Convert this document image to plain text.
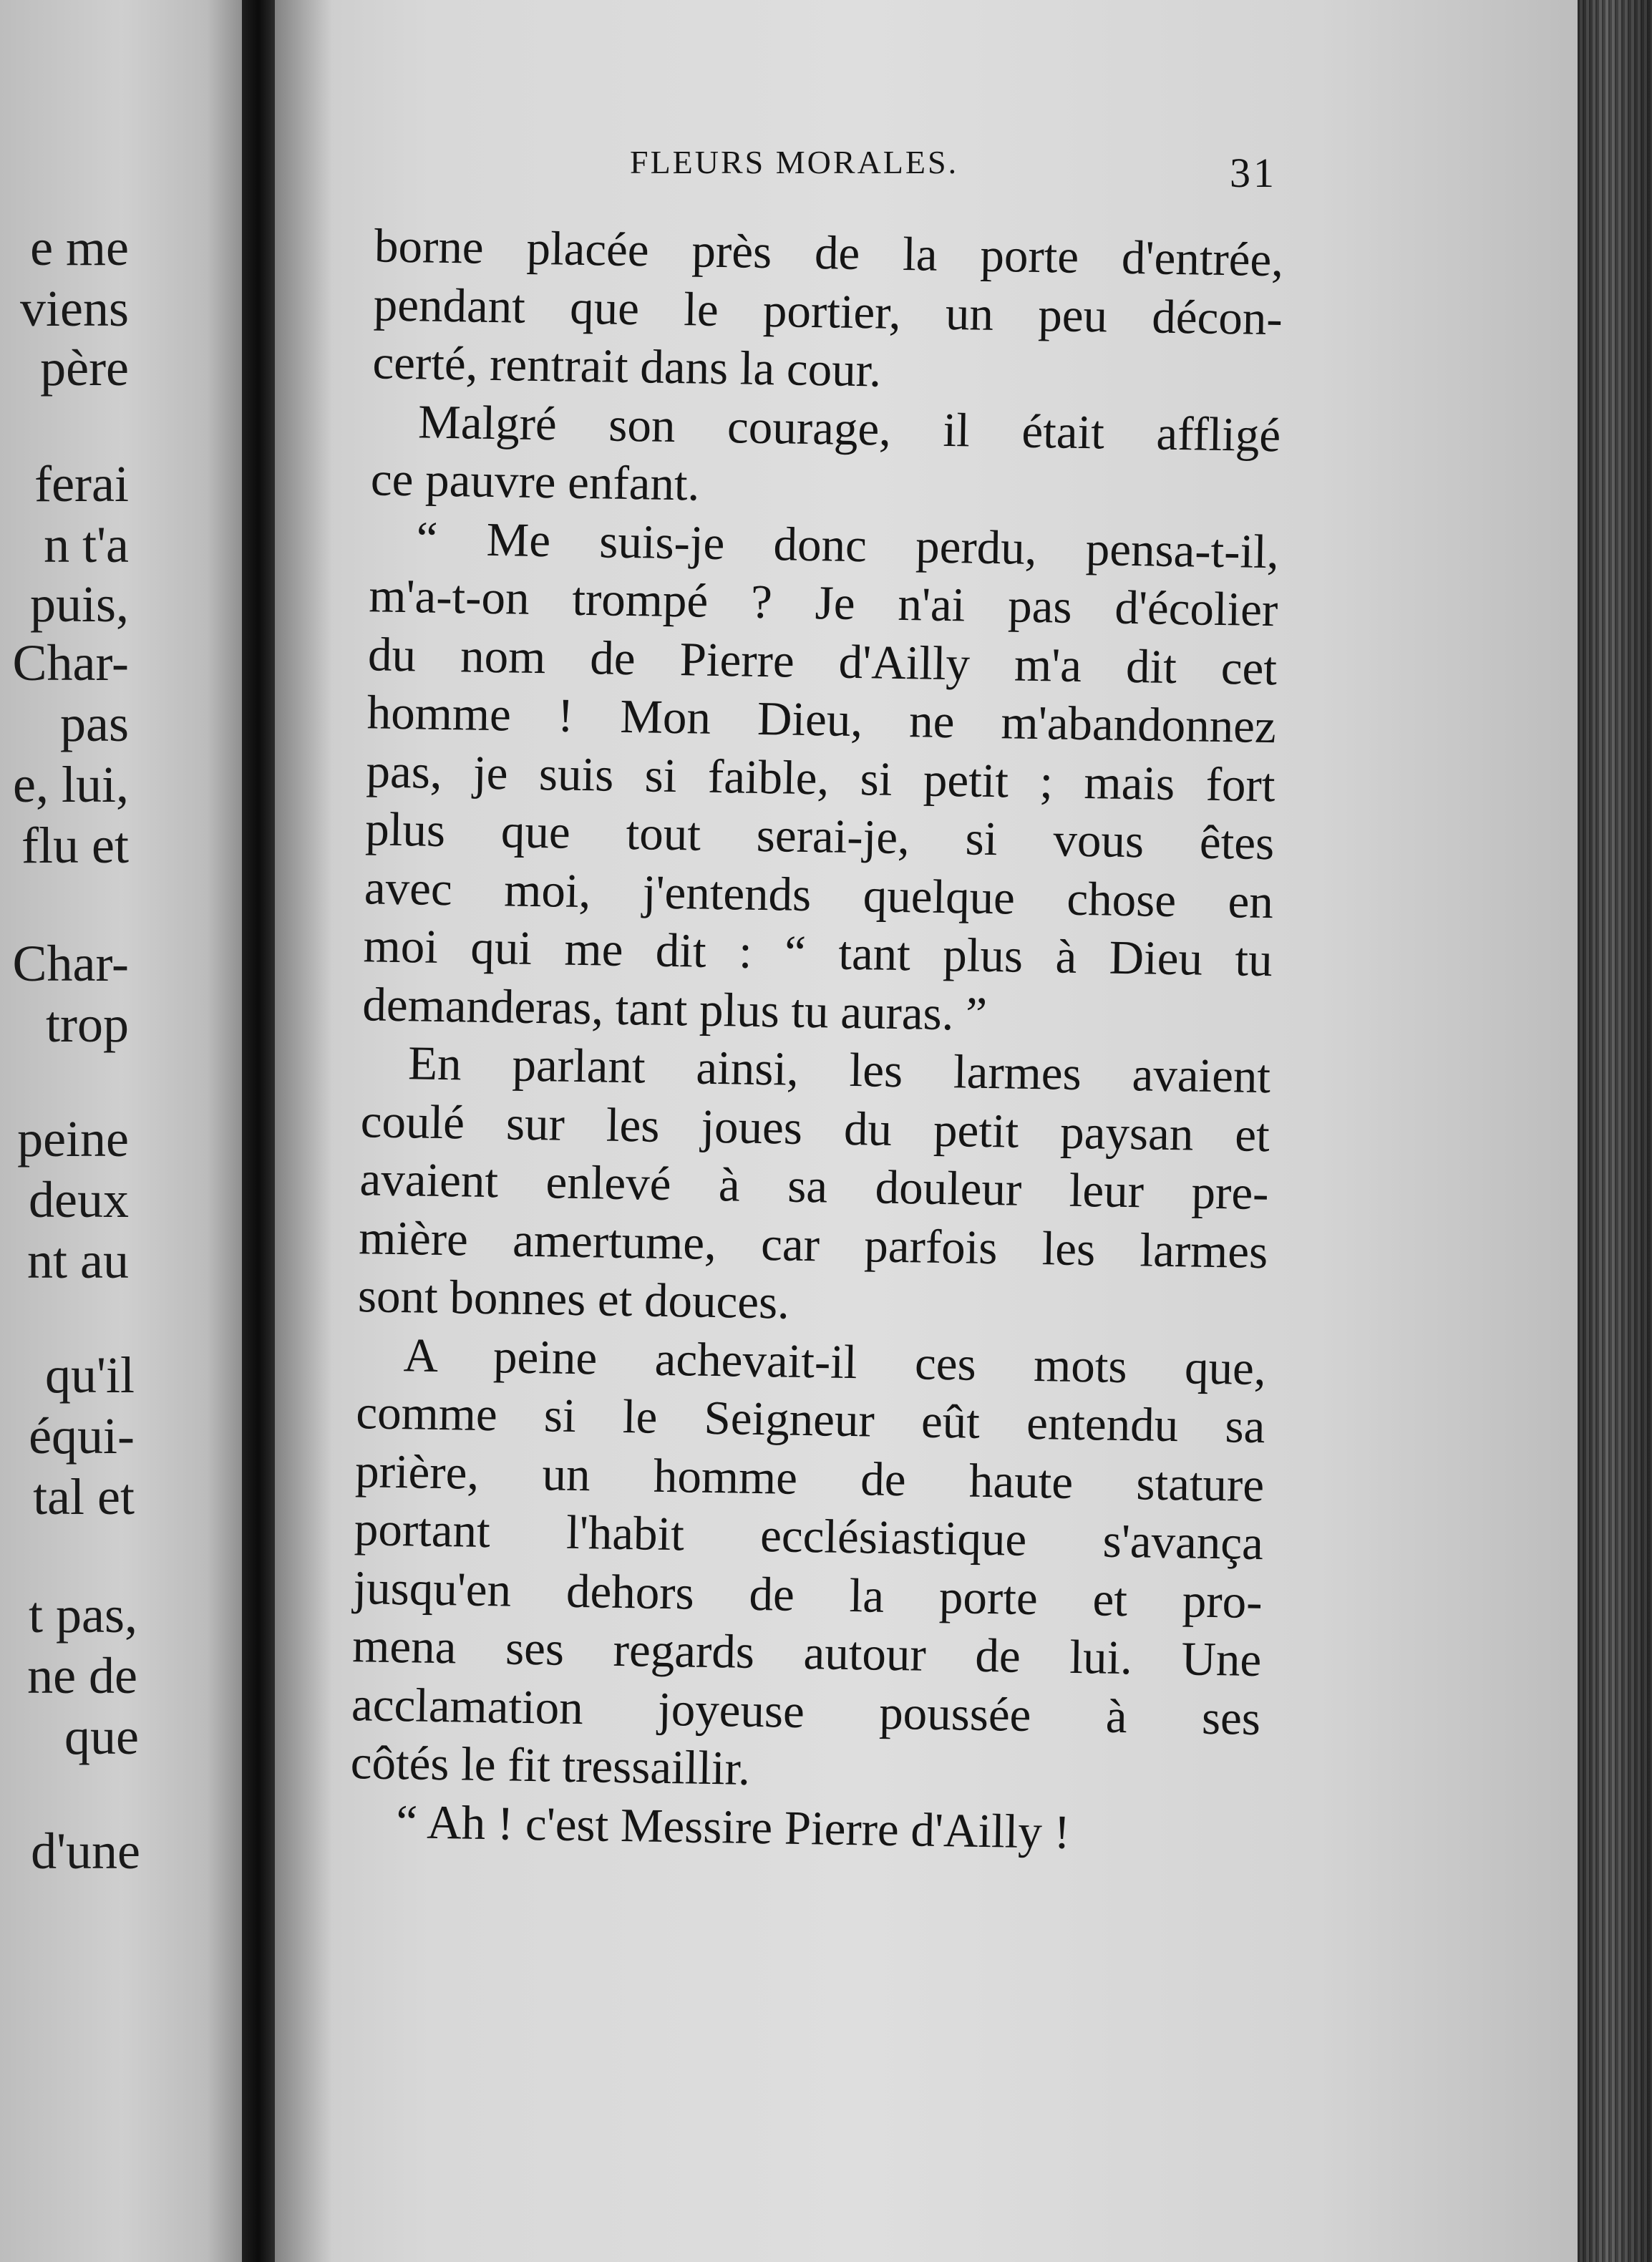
e me
viens
père
ferai
n t'a
puis,
Char-
pas
e, lui,
flu et
Char-
trop
peine
deux
nt au
qu'il
équi-
tal et
t pas,
ne de
que
d'une
FLEURS MORALES.	31
borne placée près de la porte d'entrée,
pendant que le portier, un peu décon-
certé, rentrait dans la cour.
Malgré son courage, il était affligé
ce pauvre enfant.
“ Me suis-je donc perdu, pensa-t-il,
m'a-t-on trompé ? Je n'ai pas d'écolier
du nom de Pierre d'Ailly m'a dit cet
homme ! Mon Dieu, ne m'abandonnez
pas, je suis si faible, si petit ; mais fort
plus que tout serai-je, si vous êtes
avec moi, j'entends quelque chose en
moi qui me dit : “ tant plus à Dieu tu
demanderas, tant plus tu auras. ”
En parlant ainsi, les larmes avaient
coulé sur les joues du petit paysan et
avaient enlevé à sa douleur leur pre-
mière amertume, car parfois les larmes
sont bonnes et douces.
A peine achevait-il ces mots que,
comme si le Seigneur eût entendu sa
prière, un homme de haute stature
portant l'habit ecclésiastique s'avança
jusqu'en dehors de la porte et pro-
mena ses regards autour de lui. Une
acclamation joyeuse poussée à ses
côtés le fit tressaillir.
“ Ah ! c'est Messire Pierre d'Ailly !
